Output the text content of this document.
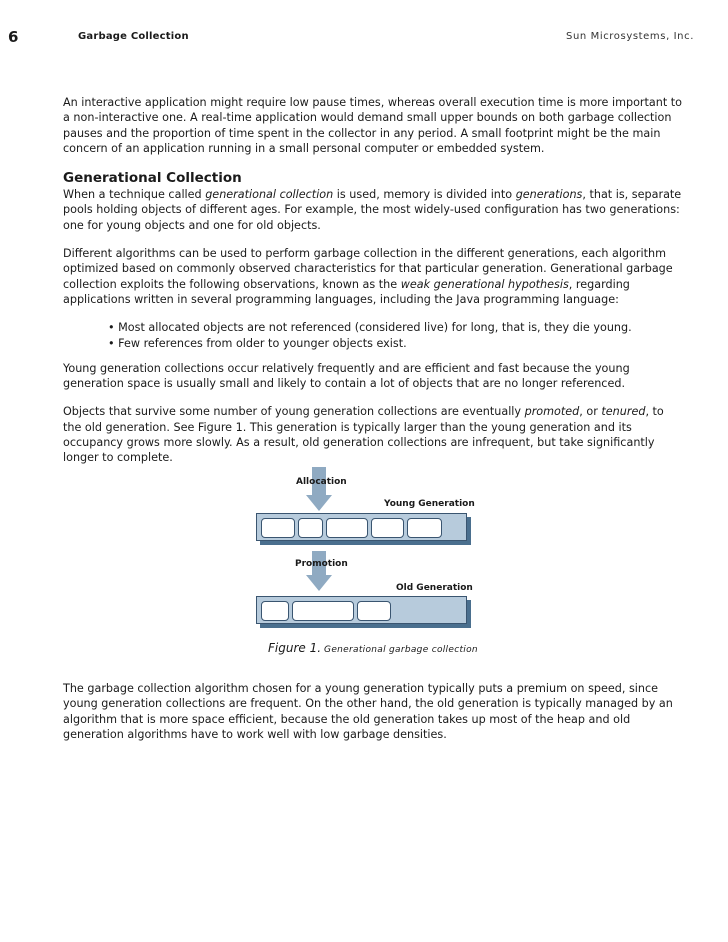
6	Garbage Collection	Sun Microsystems, Inc.

An interactive application might require low pause times, whereas overall execution time is more important to a non-interactive one. A real-time application would demand small upper bounds on both garbage collection pauses and the proportion of time spent in the collector in any period. A small footprint might be the main concern of an application running in a small personal computer or embedded system.

Generational Collection

When a technique called generational collection is used, memory is divided into generations, that is, separate pools holding objects of different ages. For example, the most widely-used configuration has two generations: one for young objects and one for old objects.

Different algorithms can be used to perform garbage collection in the different generations, each algorithm optimized based on commonly observed characteristics for that particular generation. Generational garbage collection exploits the following observations, known as the weak generational hypothesis, regarding applications written in several programming languages, including the Java programming language:

• Most allocated objects are not referenced (considered live) for long, that is, they die young.
• Few references from older to younger objects exist.

Young generation collections occur relatively frequently and are efficient and fast because the young generation space is usually small and likely to contain a lot of objects that are no longer referenced.

Objects that survive some number of young generation collections are eventually promoted, or tenured, to the old generation. See Figure 1. This generation is typically larger than the young generation and its occupancy grows more slowly. As a result, old generation collections are infrequent, but take significantly longer to complete.

Allocation
Young Generation
Promotion
Old Generation
Figure 1. Generational garbage collection

The garbage collection algorithm chosen for a young generation typically puts a premium on speed, since young generation collections are frequent. On the other hand, the old generation is typically managed by an algorithm that is more space efficient, because the old generation takes up most of the heap and old generation algorithms have to work well with low garbage densities.
